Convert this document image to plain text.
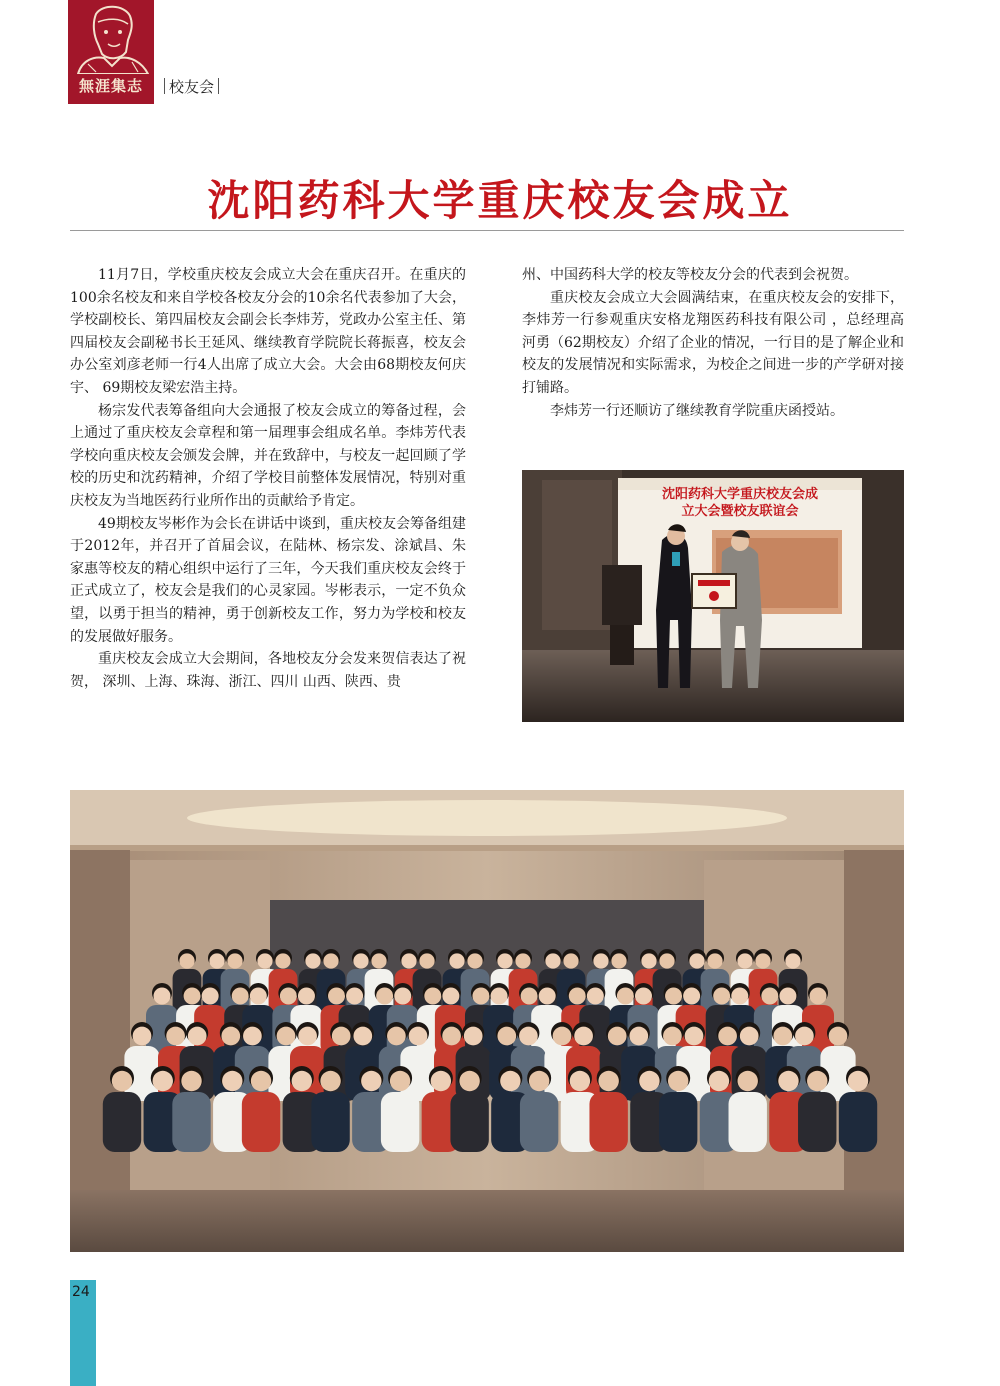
無涯集志	校友会
沈阳药科大学重庆校友会成立

11月7日，学校重庆校友会成立大会在重庆召开。在重庆的100余名校友和来自学校各校友分会的10余名代表参加了大会，学校副校长、第四届校友会副会长李炜芳，党政办公室主任、第四届校友会副秘书长王延风、继续教育学院院长蒋振喜，校友会办公室刘彦老师一行4人出席了成立大会。大会由68期校友何庆宇、 69期校友梁宏浩主持。

杨宗发代表筹备组向大会通报了校友会成立的筹备过程，会上通过了重庆校友会章程和第一届理事会组成名单。李炜芳代表学校向重庆校友会颁发会牌，并在致辞中，与校友一起回顾了学校的历史和沈药精神，介绍了学校目前整体发展情况，特别对重庆校友为当地医药行业所作出的贡献给予肯定。

49期校友岑彬作为会长在讲话中谈到，重庆校友会筹备组建于2012年，并召开了首届会议，在陆林、杨宗发、涂斌昌、朱家惠等校友的精心组织中运行了三年，今天我们重庆校友会终于正式成立了，校友会是我们的心灵家园。岑彬表示，一定不负众望，以勇于担当的精神，勇于创新校友工作，努力为学校和校友的发展做好服务。

重庆校友会成立大会期间，各地校友分会发来贺信表达了祝贺， 深圳、上海、珠海、浙江、四川 山西、陕西、贵

州、中国药科大学的校友等校友分会的代表到会祝贺。

重庆校友会成立大会圆满结束，在重庆校友会的安排下，李炜芳一行参观重庆安格龙翔医药科技有限公司 ，总经理高河勇（62期校友）介绍了企业的情况，一行目的是了解企业和校友的发展情况和实际需求，为校企之间进一步的产学研对接打铺路。

李炜芳一行还顺访了继续教育学院重庆函授站。

沈阳药科大学重庆校友会成
立大会暨校友联谊会
24
